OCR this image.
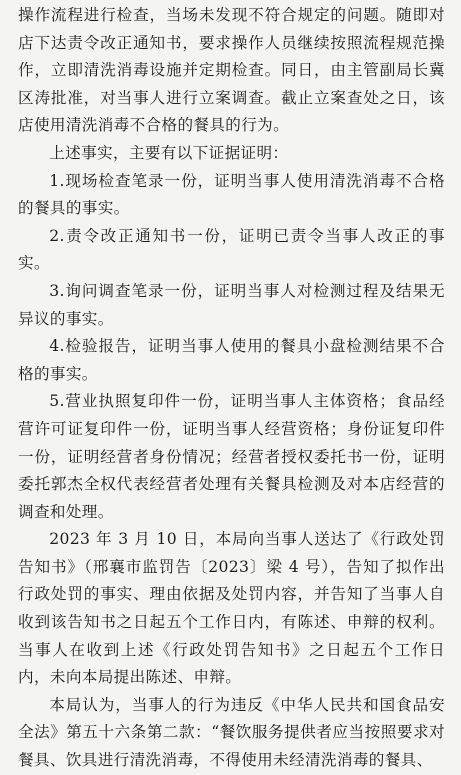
操作流程进行检查，当场未发现不符合规定的问题。随即对店下达责令改正通知书，要求操作人员继续按照流程规范操作，立即清洗消毒设施并定期检查。同日，由主管副局长冀区涛批准，对当事人进行立案调查。截止立案查处之日，该店使用清洗消毒不合格的餐具的行为。

上述事实，主要有以下证据证明：

1.现场检查笔录一份，证明当事人使用清洗消毒不合格的餐具的事实。

2.责令改正通知书一份，证明已责令当事人改正的事实。

3.询问调查笔录一份，证明当事人对检测过程及结果无异议的事实。

4.检验报告，证明当事人使用的餐具小盘检测结果不合格的事实。

5.营业执照复印件一份，证明当事人主体资格；食品经营许可证复印件一份，证明当事人经营资格；身份证复印件一份，证明经营者身份情况；经营者授权委托书一份，证明委托郭杰全权代表经营者处理有关餐具检测及对本店经营的调查和处理。

2023 年 3 月 10 日，本局向当事人送达了《行政处罚告知书》（邢襄市监罚告〔2023〕梁 4 号），告知了拟作出行政处罚的事实、理由依据及处罚内容，并告知了当事人自收到该告知书之日起五个工作日内，有陈述、申辩的权利。当事人在收到上述《行政处罚告知书》之日起五个工作日内，未向本局提出陈述、申辩。

本局认为，当事人的行为违反《中华人民共和国食品安全法》第五十六条第二款：“餐饮服务提供者应当按照要求对餐具、饮具进行清洗消毒，不得使用未经清洗消毒的餐具、
